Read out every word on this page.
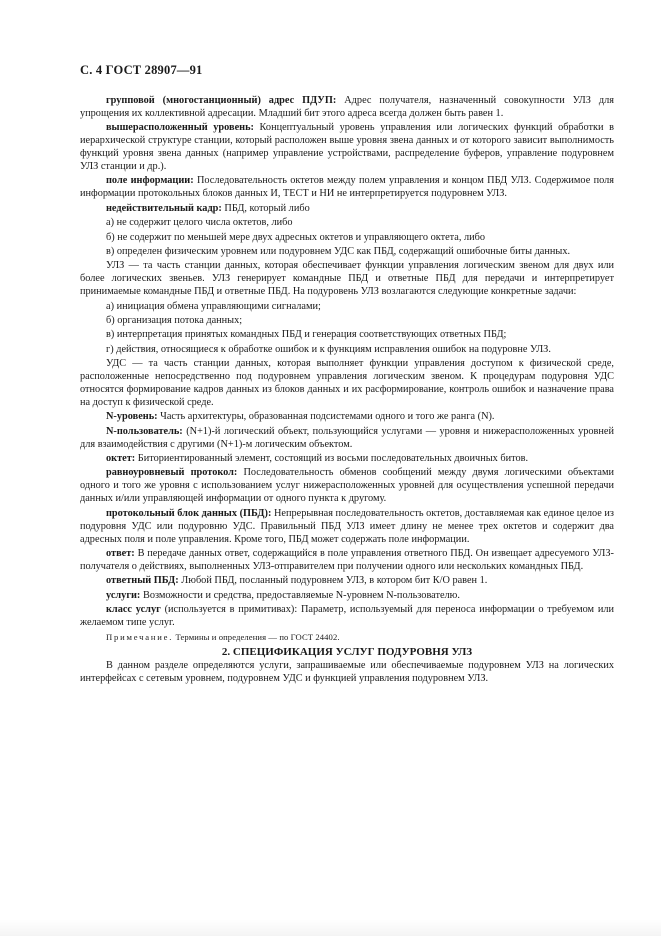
С. 4 ГОСТ 28907—91

групповой (многостанционный) адрес ПДУП: Адрес получателя, назначенный совокупности УЛЗ для упрощения их коллективной адресации. Младший бит этого адреса всегда должен быть равен 1.

вышерасположенный уровень: Концептуальный уровень управления или логических функций обработки в иерархической структуре станции, который расположен выше уровня звена данных и от которого зависит выполнимость функций уровня звена данных (например управление устройствами, распределение буферов, управление подуровнем УЛЗ станции и др.).

поле информации: Последовательность октетов между полем управления и концом ПБД УЛЗ. Содержимое поля информации протокольных блоков данных И, ТЕСТ и НИ не интерпретируется подуровнем УЛЗ.

недействительный кадр: ПБД, который либо

а) не содержит целого числа октетов, либо

б) не содержит по меньшей мере двух адресных октетов и управляющего октета, либо

в) определен физическим уровнем или подуровнем УДС как ПБД, содержащий ошибочные биты данных.

УЛЗ — та часть станции данных, которая обеспечивает функции управления логическим звеном для двух или более логических звеньев. УЛЗ генерирует командные ПБД и ответные ПБД для передачи и интерпретирует принимаемые командные ПБД и ответные ПБД. На подуровень УЛЗ возлагаются следующие конкретные задачи:

а) инициация обмена управляющими сигналами;

б) организация потока данных;

в) интерпретация принятых командных ПБД и генерация соответствующих ответных ПБД;

г) действия, относящиеся к обработке ошибок и к функциям исправления ошибок на подуровне УЛЗ.

УДС — та часть станции данных, которая выполняет функции управления доступом к физической среде, расположенные непосредственно под подуровнем управления логическим звеном. К процедурам подуровня УДС относятся формирование кадров данных из блоков данных и их расформирование, контроль ошибок и назначение права на доступ к физической среде.

N-уровень: Часть архитектуры, образованная подсистемами одного и того же ранга (N).

N-пользователь: (N+1)-й логический объект, пользующийся услугами — уровня и нижерасположенных уровней для взаимодействия с другими (N+1)-м логическим объектом.

октет: Биториентированный элемент, состоящий из восьми последовательных двоичных битов.

равноуровневый протокол: Последовательность обменов сообщений между двумя логическими объектами одного и того же уровня с использованием услуг нижерасположенных уровней для осуществления успешной передачи данных и/или управляющей информации от одного пункта к другому.

протокольный блок данных (ПБД): Непрерывная последовательность октетов, доставляемая как единое целое из подуровня УДС или подуровню УДС. Правильный ПБД УЛЗ имеет длину не менее трех октетов и содержит два адресных поля и поле управления. Кроме того, ПБД может содержать поле информации.

ответ: В передаче данных ответ, содержащийся в поле управления ответного ПБД. Он извещает адресуемого УЛЗ-получателя о действиях, выполненных УЛЗ-отправителем при получении одного или нескольких командных ПБД.

ответный ПБД: Любой ПБД, посланный подуровнем УЛЗ, в котором бит К/О равен 1.

услуги: Возможности и средства, предоставляемые N-уровнем N-пользователю.

класс услуг (используется в примитивах): Параметр, используемый для переноса информации о требуемом или желаемом типе услуг.

Примечание. Термины и определения — по ГОСТ 24402.

2. СПЕЦИФИКАЦИЯ УСЛУГ ПОДУРОВНЯ УЛЗ

В данном разделе определяются услуги, запрашиваемые или обеспечиваемые подуровнем УЛЗ на логических интерфейсах с сетевым уровнем, подуровнем УДС и функцией управления подуровнем УЛЗ.
